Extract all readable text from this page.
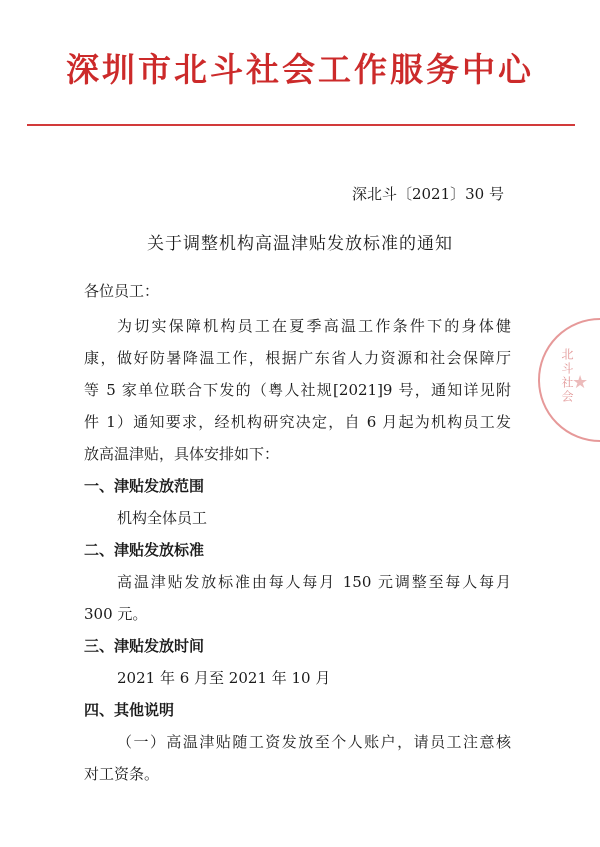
深圳市北斗社会工作服务中心
深北斗〔2021〕30 号
关于调整机构高温津贴发放标准的通知
各位员工：
为切实保障机构员工在夏季高温工作条件下的身体健
康，做好防暑降温工作，根据广东省人力资源和社会保障厅
等 5 家单位联合下发的（粤人社规[2021]9 号，通知详见附
件 1）通知要求，经机构研究决定，自 6 月起为机构员工发
放高温津贴，具体安排如下：
一、津贴发放范围
机构全体员工
二、津贴发放标准
高温津贴发放标准由每人每月 150 元调整至每人每月
300 元。
三、津贴发放时间
2021 年 6 月至 2021 年 10 月
四、其他说明
（一）高温津贴随工资发放至个人账户，请员工注意核
对工资条。
北斗社会
★
